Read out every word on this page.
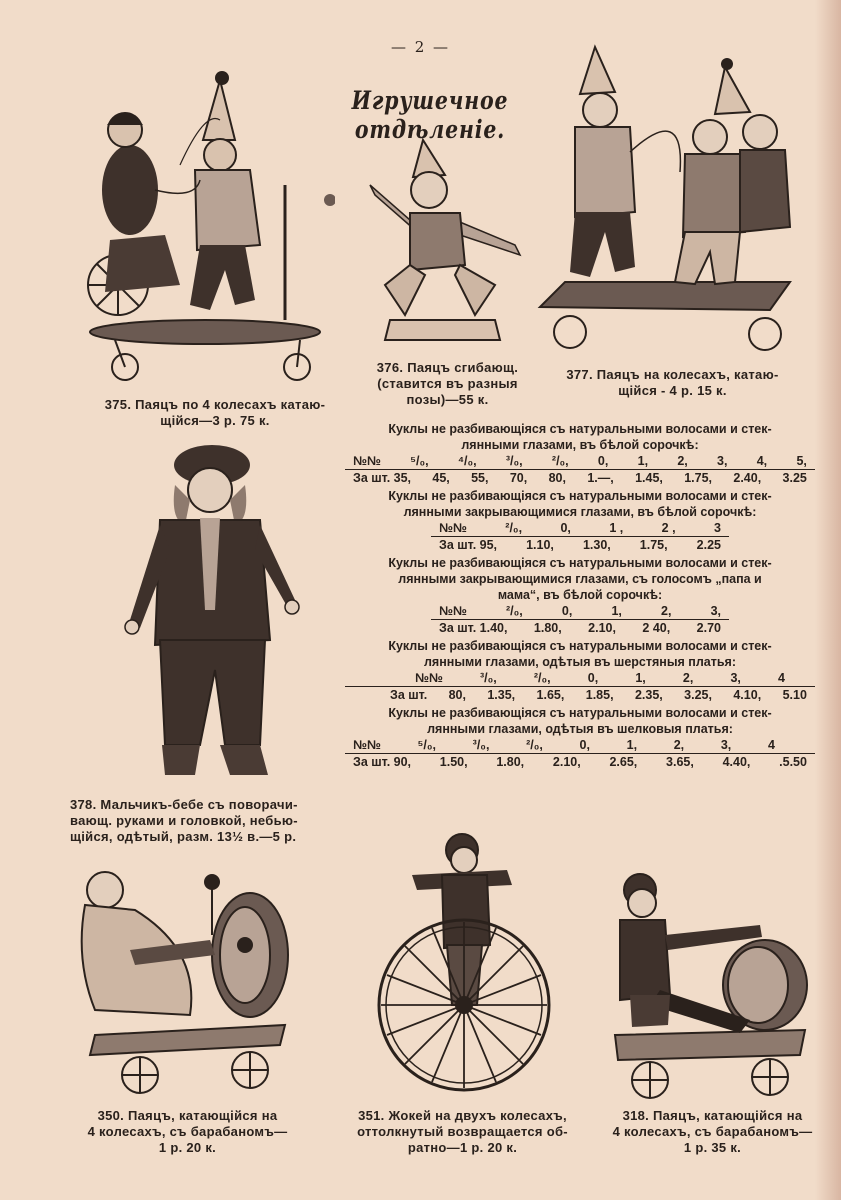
— 2 —
Игрушечное отдѣленіе.
375. Паяцъ по 4 колесахъ катаю-
щійся—3 р. 75 к.
376. Паяцъ сгибающ.
(ставится въ разныя
позы)—55 к.
377. Паяцъ на колесахъ, катаю-
щійся - 4 р. 15 к.
Куклы не разбивающіяся съ натуральными волосами и стек-
лянными глазами, въ бѣлой сорочкѣ:
№№ ⁵/₀, ⁴/₀, ³/₀, ²/₀, 0, 1, 2, 3, 4, 5,
За шт. 35, 45, 55, 70, 80, 1.—, 1.45, 1.75, 2.40, 3.25
Куклы не разбивающіяся съ натуральными волосами и стек-
лянными закрывающимися глазами, въ бѣлой сорочкѣ:
№№	²/₀,	0,	1 ,	2 ,	3
За шт. 95, 1.10, 1.30, 1.75, 2.25
Куклы не разбивающіяся съ натуральными волосами и стек-
лянными закрывающимися глазами, съ голосомъ „папа и
мама“, въ бѣлой сорочкѣ:
№№	²/₀,	0,	1,	2,	3,
За шт. 1.40, 1.80, 2.10, 2 40, 2.70
Куклы не разбивающіяся съ натуральными волосами и стек-
лянными глазами, одѣтыя въ шерстяныя платья:
№№	³/₀,	²/₀,	0,	1,	2,	3,	4
За шт. 80, 1.35, 1.65, 1.85, 2.35, 3.25, 4.10, 5.10
Куклы не разбивающіяся съ натуральными волосами и стек-
лянными глазами, одѣтыя въ шелковыя платья:
№№	⁵/₀,	³/₀,	²/₀,	0,	1,	2,	3,	4
За шт. 90, 1.50, 1.80, 2.10, 2.65, 3.65, 4.40, .5.50
378. Мальчикъ-бебе съ поворачи-
вающ. руками и головкой, небью-
щійся, одѣтый, разм. 13½ в.—5 р.
350. Паяцъ, катающійся на
4 колесахъ, съ барабаномъ—
1 р. 20 к.
351. Жокей на двухъ колесахъ,
оттолкнутый возвращается об-
ратно—1 р. 20 к.
318. Паяцъ, катающійся на
4 колесахъ, съ барабаномъ—
1 р. 35 к.
